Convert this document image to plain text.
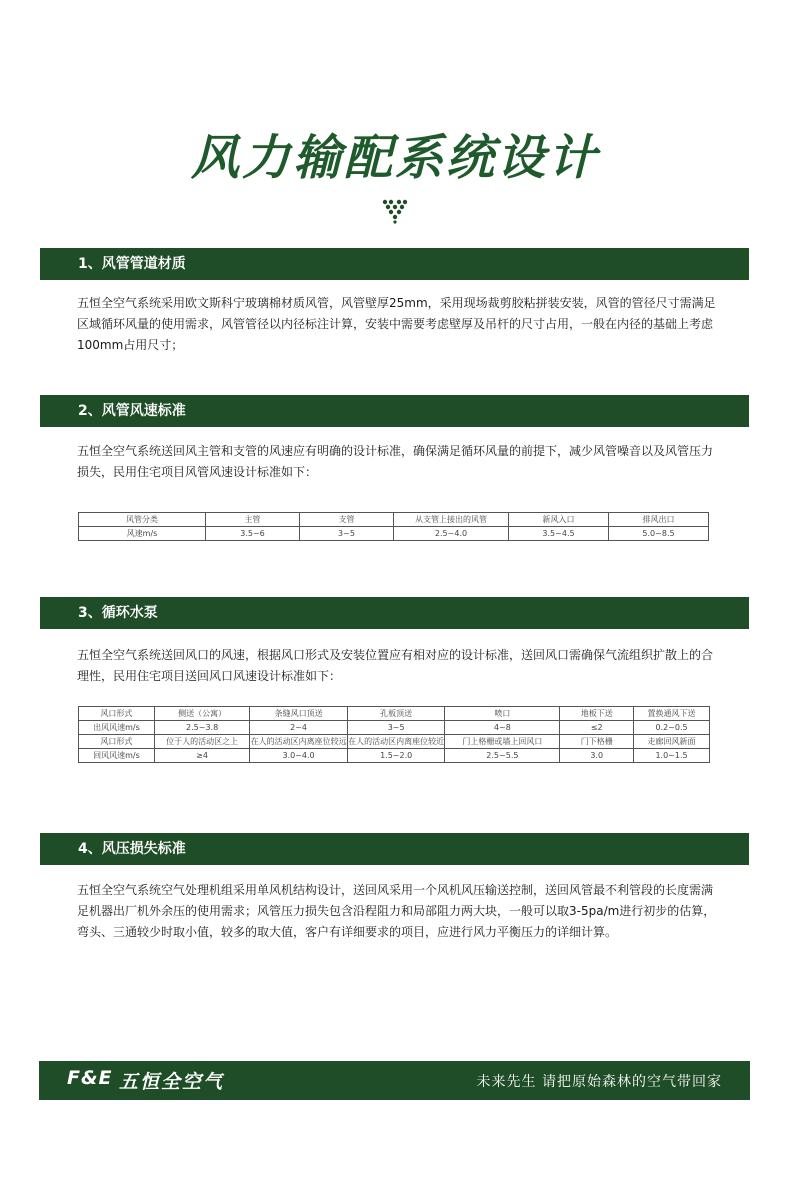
风力输配系统设计
1、风管管道材质
五恒全空气系统采用欧文斯科宁玻璃棉材质风管，风管壁厚25mm，采用现场裁剪胶粘拼装安装，风管的管径尺寸需满足区域循环风量的使用需求，风管管径以内径标注计算，安装中需要考虑壁厚及吊杆的尺寸占用，一般在内径的基础上考虑100mm占用尺寸；
2、风管风速标准
五恒全空气系统送回风主管和支管的风速应有明确的设计标准，确保满足循环风量的前提下，减少风管噪音以及风管压力损失，民用住宅项目风管风速设计标准如下：
风管分类	主管	支管	从支管上接出的风管	新风入口	排风出口
风速m/s	3.5~6	3~5	2.5~4.0	3.5~4.5	5.0~8.5
3、循环水泵
五恒全空气系统送回风口的风速，根据风口形式及安装位置应有相对应的设计标准，送回风口需确保气流组织扩散上的合理性，民用住宅项目送回风口风速设计标准如下：
风口形式	侧送（公寓）	条缝风口顶送	孔板顶送	喷口	地板下送	置换通风下送
出风风速m/s	2.5~3.8	2~4	3~5	4~8	≤2	0.2~0.5
风口形式	位于人的活动区之上	在人的活动区内离座位较远	在人的活动区内离座位较近	门上格栅或墙上回风口	门下格栅	走廊回风新面
回风风速m/s	≥4	3.0~4.0	1.5~2.0	2.5~5.5	3.0	1.0~1.5
4、风压损失标准
五恒全空气系统空气处理机组采用单风机结构设计，送回风采用一个风机风压输送控制，送回风管最不利管段的长度需满足机器出厂机外余压的使用需求；风管压力损失包含沿程阻力和局部阻力两大块，一般可以取3-5pa/m进行初步的估算，弯头、三通较少时取小值，较多的取大值，客户有详细要求的项目，应进行风力平衡压力的详细计算。
F&E 五恒全空气	未来先生 请把原始森林的空气带回家
